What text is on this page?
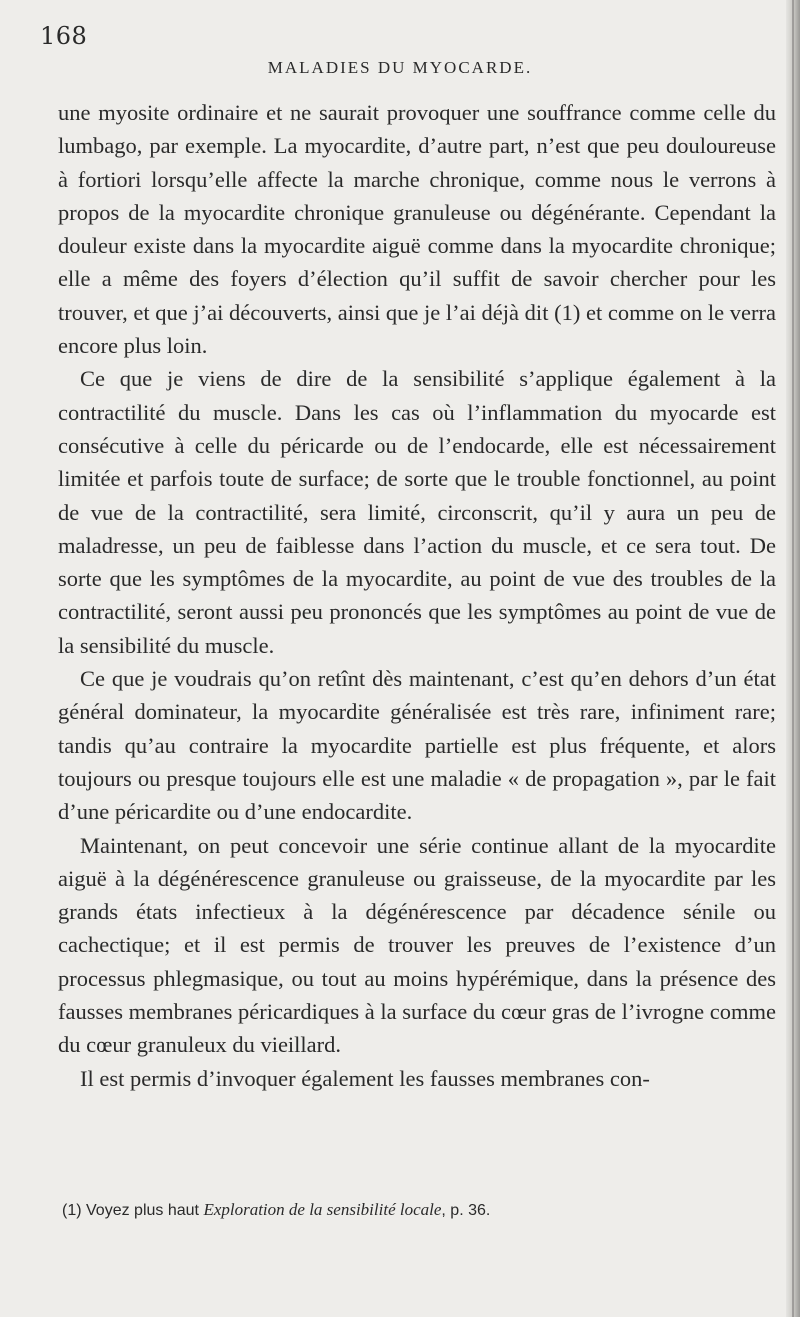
168
MALADIES DU MYOCARDE.

une myosite ordinaire et ne saurait provoquer une souffrance comme celle du lumbago, par exemple. La myocardite, d’autre part, n’est que peu douloureuse à fortiori lorsqu’elle affecte la marche chronique, comme nous le verrons à propos de la myocardite chronique granuleuse ou dégénérante. Cependant la douleur existe dans la myocardite aiguë comme dans la myocardite chronique; elle a même des foyers d’élection qu’il suffit de savoir chercher pour les trouver, et que j’ai découverts, ainsi que je l’ai déjà dit (1) et comme on le verra encore plus loin.

Ce que je viens de dire de la sensibilité s’applique également à la contractilité du muscle. Dans les cas où l’inflammation du myocarde est consécutive à celle du péricarde ou de l’endocarde, elle est nécessairement limitée et parfois toute de surface; de sorte que le trouble fonctionnel, au point de vue de la contractilité, sera limité, circonscrit, qu’il y aura un peu de maladresse, un peu de faiblesse dans l’action du muscle, et ce sera tout. De sorte que les symptômes de la myocardite, au point de vue des troubles de la contractilité, seront aussi peu prononcés que les symptômes au point de vue de la sensibilité du muscle.

Ce que je voudrais qu’on retînt dès maintenant, c’est qu’en dehors d’un état général dominateur, la myocardite généralisée est très rare, infiniment rare; tandis qu’au contraire la myocardite partielle est plus fréquente, et alors toujours ou presque toujours elle est une maladie « de propagation », par le fait d’une péricardite ou d’une endocardite.

Maintenant, on peut concevoir une série continue allant de la myocardite aiguë à la dégénérescence granuleuse ou graisseuse, de la myocardite par les grands états infectieux à la dégénérescence par décadence sénile ou cachectique; et il est permis de trouver les preuves de l’existence d’un processus phlegmasique, ou tout au moins hypérémique, dans la présence des fausses membranes péricardiques à la surface du cœur gras de l’ivrogne comme du cœur granuleux du vieillard.

Il est permis d’invoquer également les fausses membranes con-

(1) Voyez plus haut Exploration de la sensibilité locale, p. 36.
